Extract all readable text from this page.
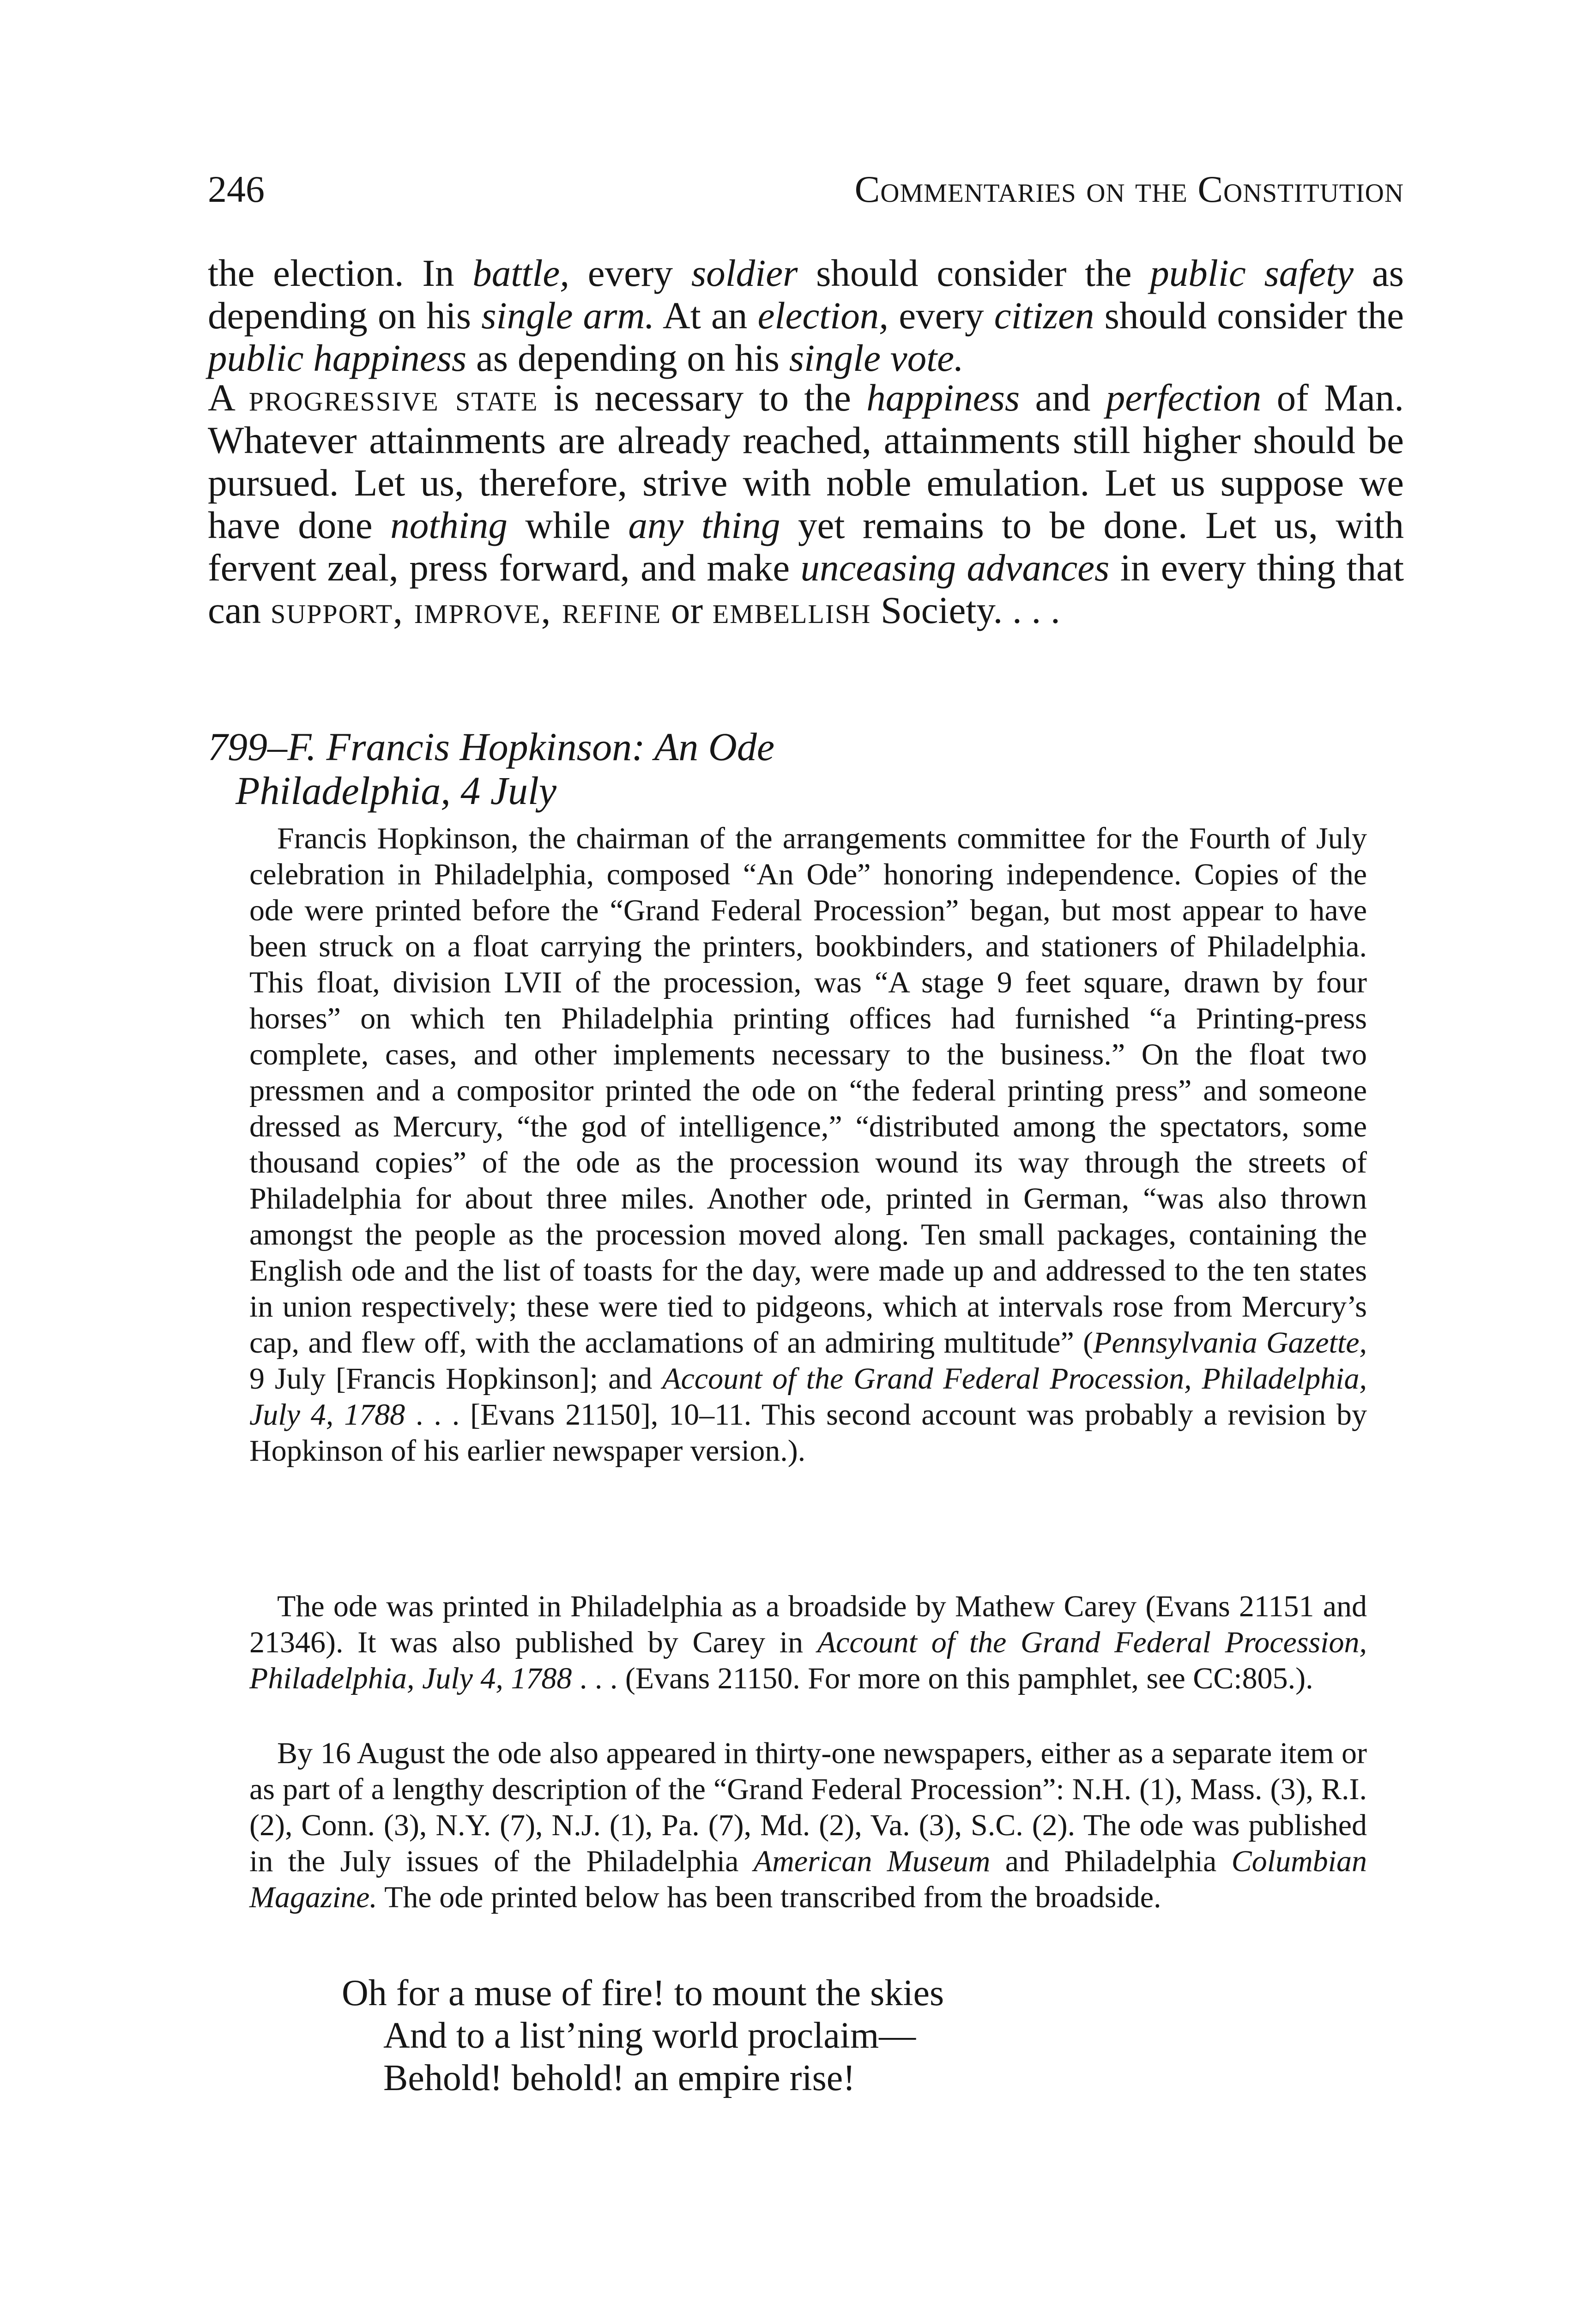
246	Commentaries on the Constitution

the election. In battle, every soldier should consider the public safety as depending on his single arm. At an election, every citizen should consider the public happiness as depending on his single vote.

A progressive state is necessary to the happiness and perfection of Man. Whatever attainments are already reached, attainments still higher should be pursued. Let us, therefore, strive with noble emulation. Let us suppose we have done nothing while any thing yet remains to be done. Let us, with fervent zeal, press forward, and make unceasing advances in every thing that can support, improve, refine or embellish Society. . . .

799–F. Francis Hopkinson: An Ode
Philadelphia, 4 July

Francis Hopkinson, the chairman of the arrangements committee for the Fourth of July celebration in Philadelphia, composed “An Ode” honoring independence. Copies of the ode were printed before the “Grand Federal Procession” began, but most appear to have been struck on a float carrying the printers, bookbinders, and stationers of Philadelphia. This float, division LVII of the procession, was “A stage 9 feet square, drawn by four horses” on which ten Philadelphia printing offices had furnished “a Printing-press complete, cases, and other implements necessary to the business.” On the float two pressmen and a compositor printed the ode on “the federal printing press” and someone dressed as Mercury, “the god of intelligence,” “distributed among the spectators, some thousand copies” of the ode as the procession wound its way through the streets of Philadelphia for about three miles. Another ode, printed in German, “was also thrown amongst the people as the procession moved along. Ten small packages, containing the English ode and the list of toasts for the day, were made up and addressed to the ten states in union respectively; these were tied to pidgeons, which at intervals rose from Mercury’s cap, and flew off, with the acclamations of an admiring multitude” (Pennsylvania Gazette, 9 July [Francis Hopkinson]; and Account of the Grand Federal Procession, Philadelphia, July 4, 1788 . . . [Evans 21150], 10–11. This second account was probably a revision by Hopkinson of his earlier newspaper version.).

The ode was printed in Philadelphia as a broadside by Mathew Carey (Evans 21151 and 21346). It was also published by Carey in Account of the Grand Federal Procession, Philadelphia, July 4, 1788 . . . (Evans 21150. For more on this pamphlet, see CC:805.).

By 16 August the ode also appeared in thirty-one newspapers, either as a separate item or as part of a lengthy description of the “Grand Federal Procession”: N.H. (1), Mass. (3), R.I. (2), Conn. (3), N.Y. (7), N.J. (1), Pa. (7), Md. (2), Va. (3), S.C. (2). The ode was published in the July issues of the Philadelphia American Museum and Philadelphia Columbian Magazine. The ode printed below has been transcribed from the broadside.

Oh for a muse of fire! to mount the skies
And to a list’ning world proclaim—
Behold! behold! an empire rise!
